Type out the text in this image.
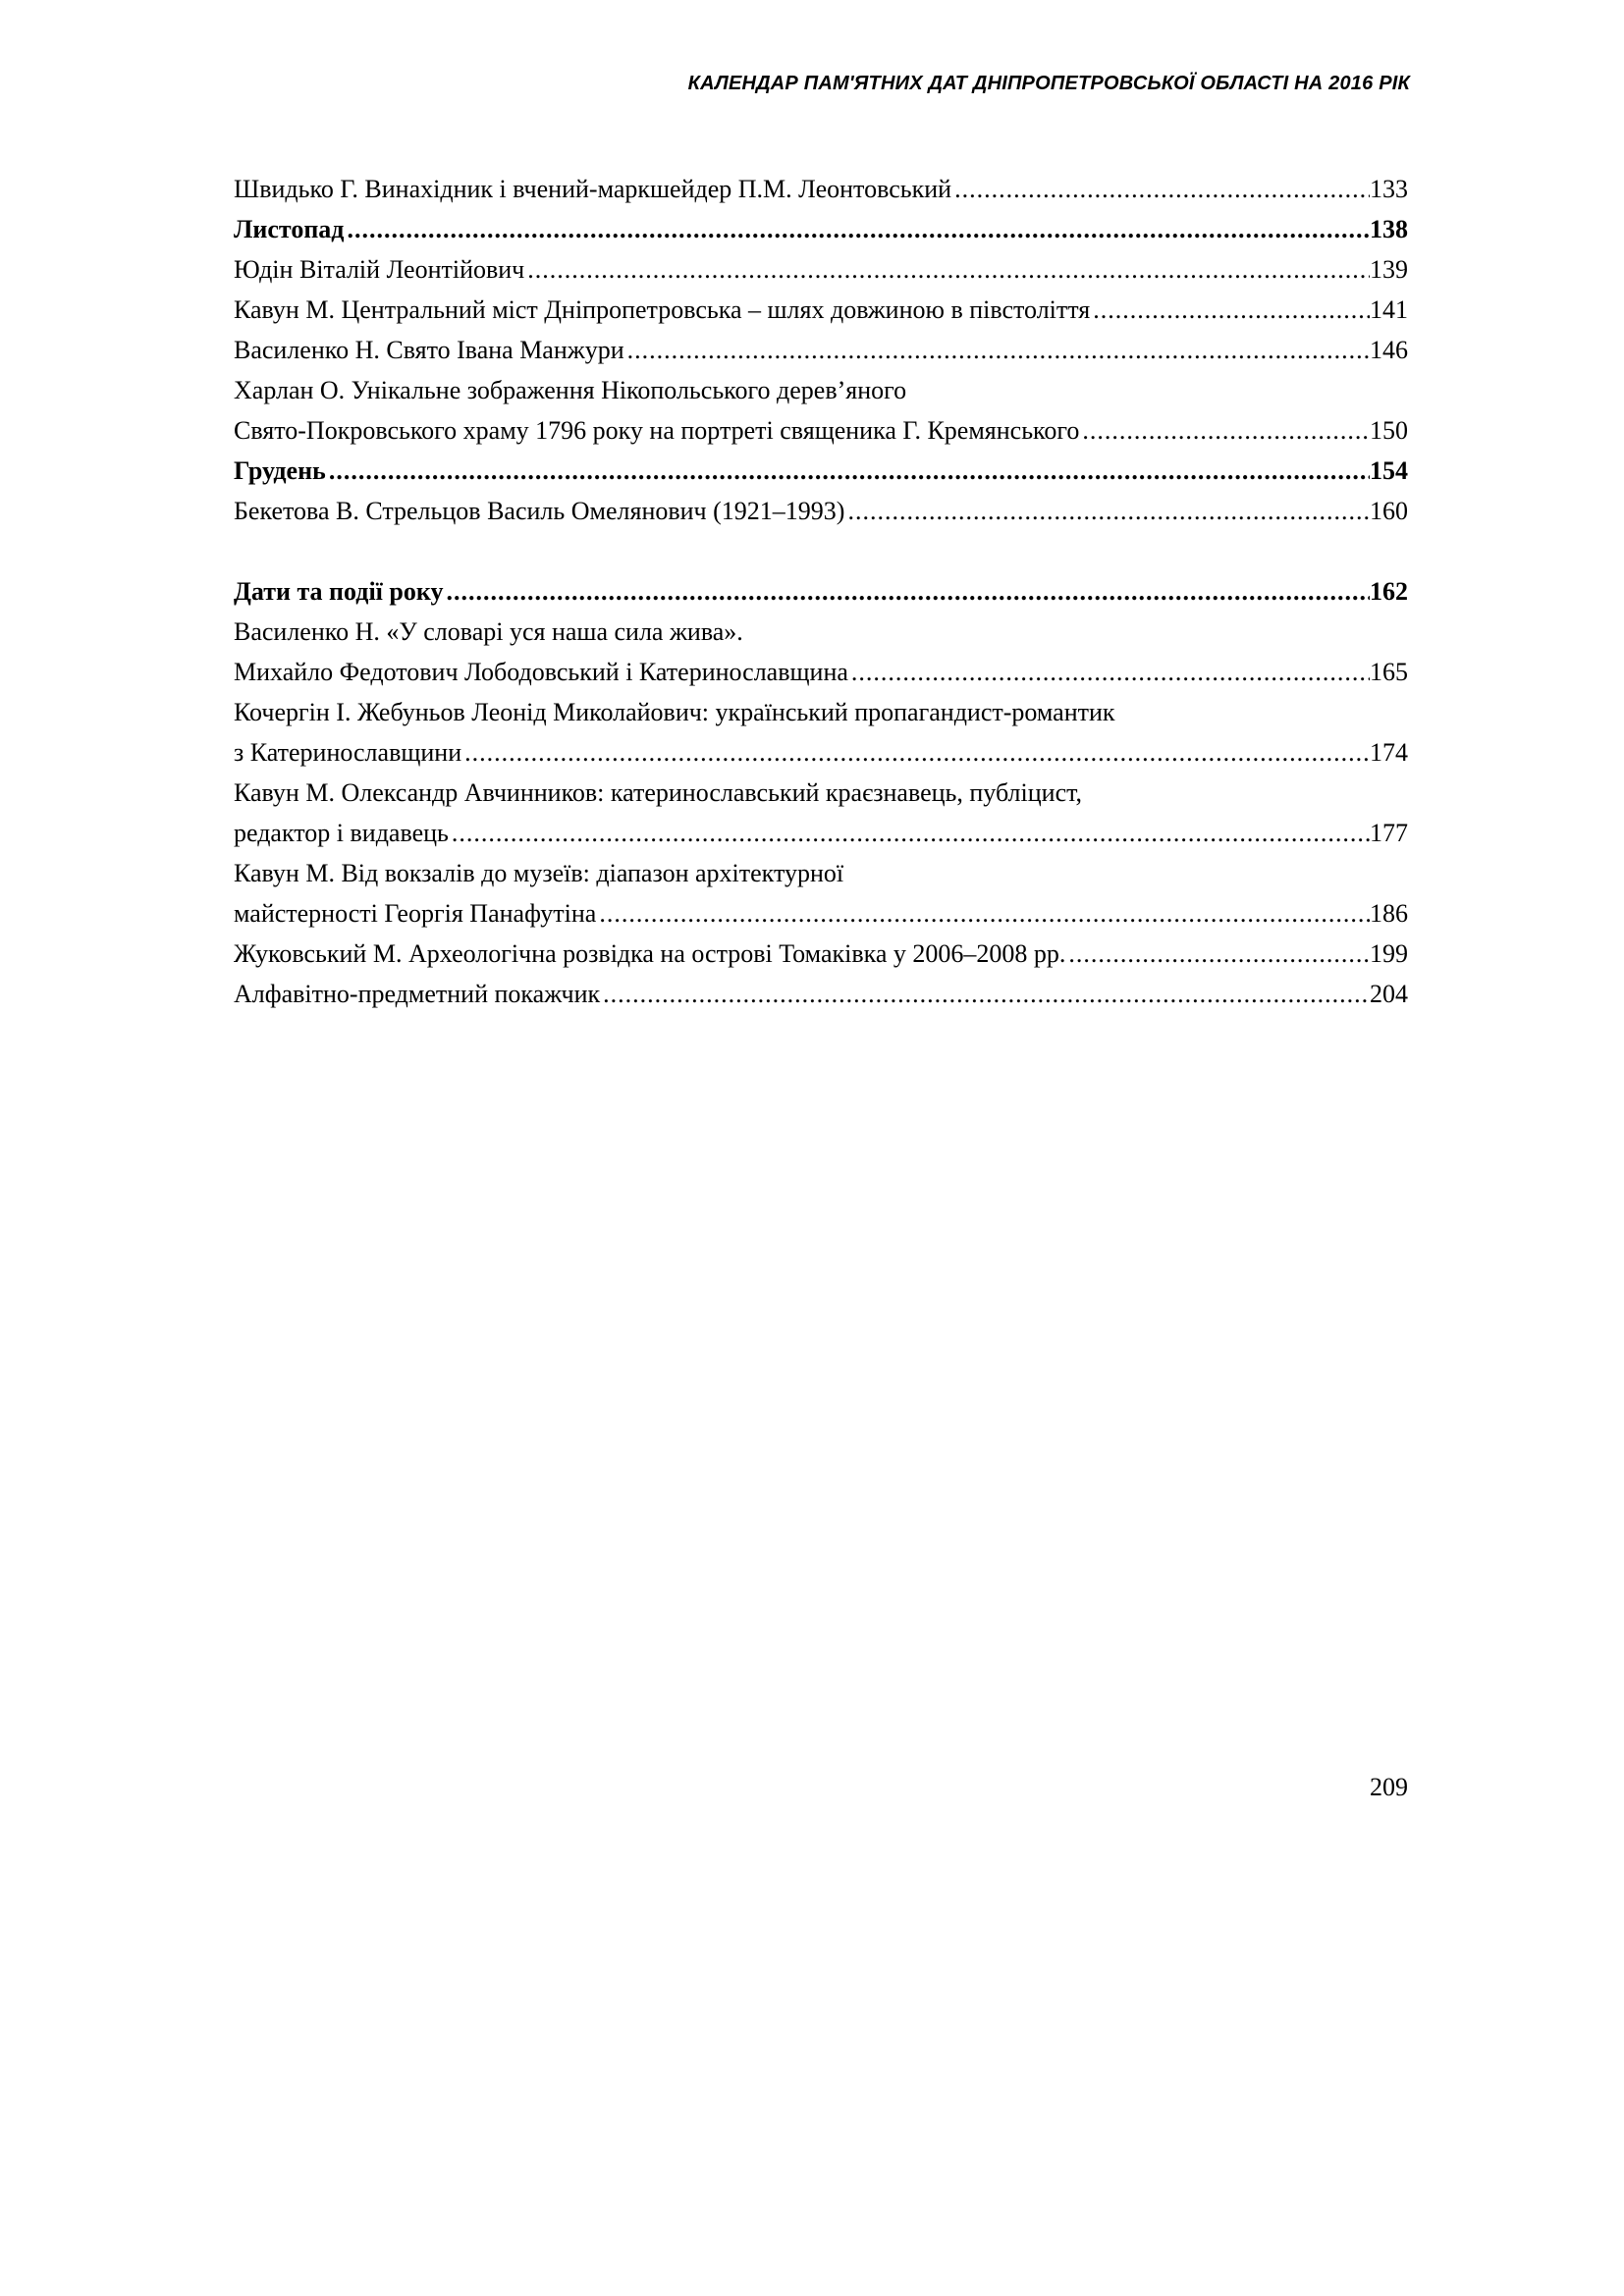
КАЛЕНДАР ПАМ'ЯТНИХ ДАТ ДНІПРОПЕТРОВСЬКОЇ ОБЛАСТІ НА 2016 РІК
Швидько Г. Винахідник і вчений-маркшейдер П.М. Леонтовський .....	133
Листопад .....	138
Юдін Віталій Леонтійович .....	139
Кавун М. Центральний міст Дніпропетровська – шлях довжиною в півстоліття .....	141
Василенко Н. Свято Івана Манжури .....	146
Харлан О. Унікальне зображення Нікопольського дерев’яного
Свято-Покровського храму 1796 року на портреті священика Г. Кремянського .....	150
Грудень .....	154
Бекетова В. Стрельцов Василь Омелянович (1921–1993) .....	160
Дати та події року .....	162
Василенко Н. «У словарі уся наша сила жива».
Михайло Федотович Лободовський і Катеринославщина .....	165
Кочергін І. Жебуньов Леонід Миколайович: український пропагандист-романтик
з Катеринославщини .....	174
Кавун М. Олександр Авчинников: катеринославський краєзнавець, публіцист,
редактор і видавець .....	177
Кавун М. Від вокзалів до музеїв: діапазон архітектурної
майстерності Георгія Панафутіна .....	186
Жуковський М. Археологічна розвідка на острові Томаківка у 2006–2008 рр. .....	199
Алфавітно-предметний покажчик .....	204
209
